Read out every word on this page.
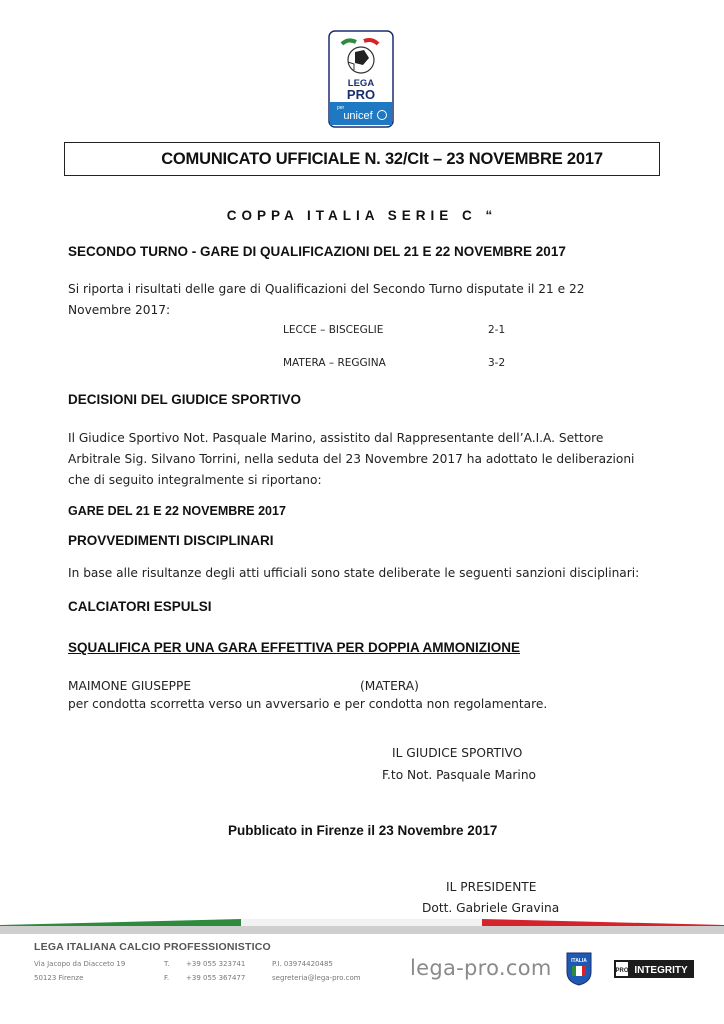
LEGA
PRO
per
unicef
COMUNICATO UFFICIALE N. 32/CIt – 23 NOVEMBRE 2017
COPPA ITALIA SERIE C “
SECONDO TURNO - GARE DI QUALIFICAZIONI DEL 21 E 22 NOVEMBRE 2017
Si riporta i risultati delle gare di Qualificazioni del Secondo Turno disputate il 21 e 22
Novembre 2017:
LECCE – BISCEGLIE	2-1
MATERA – REGGINA	3-2
DECISIONI DEL GIUDICE SPORTIVO
Il Giudice Sportivo Not. Pasquale Marino, assistito dal Rappresentante dell’A.I.A. Settore
Arbitrale Sig. Silvano Torrini, nella seduta del 23 Novembre 2017 ha adottato le deliberazioni
che di seguito integralmente si riportano:
GARE DEL 21 E 22 NOVEMBRE 2017
PROVVEDIMENTI DISCIPLINARI
In base alle risultanze degli atti ufficiali sono state deliberate le seguenti sanzioni disciplinari:
CALCIATORI ESPULSI
SQUALIFICA PER UNA GARA EFFETTIVA PER DOPPIA AMMONIZIONE
MAIMONE GIUSEPPE	(MATERA)
per condotta scorretta verso un avversario e per condotta non regolamentare.
IL GIUDICE SPORTIVO
F.to Not. Pasquale Marino
Pubblicato in Firenze il 23 Novembre 2017
IL PRESIDENTE
Dott. Gabriele Gravina
LEGA ITALIANA CALCIO PROFESSIONISTICO
Via Jacopo da Diacceto 19
50123 Firenze
T. +39 055 323741
F. +39 055 367477
P.I. 03974420485
segreteria@lega-pro.com lega-pro.com	ITALIA
PRO INTEGRITY
